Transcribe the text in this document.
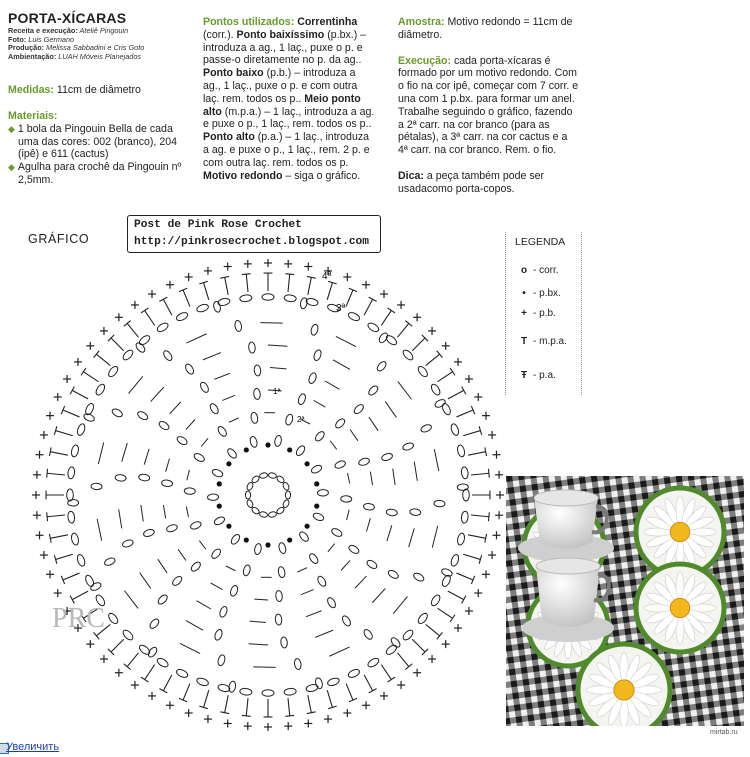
PORTA-XÍCARAS
Receita e execução: Ateliê Pingouin
Foto: Luis Germano
Produção: Melissa Sabbadini e Cris Goto
Ambientação: LUAH Móveis Planejados
Medidas: 11cm de diâmetro
Materiais:
◆ 1 bola da Pingouin Bella de cada uma das cores: 002 (branco), 204 (ipê) e 611 (cactus)
◆ Agulha para crochê da Pingouin nº 2,5mm.
Pontos utilizados: Correntinha (corr.). Ponto baixíssimo (p.bx.) – introduza a ag., 1 laç., puxe o p. e passe-o diretamente no p. da ag.. Ponto baixo (p.b.) – introduza a ag., 1 laç., puxe o p. e com outra laç. rem. todos os p.. Meio ponto alto (m.p.a.) – 1 laç., introduza a ag. e puxe o p., 1 laç., rem. todos os p.. Ponto alto (p.a.) – 1 laç., introduza a ag. e puxe o p., 1 laç., rem. 2 p. e com outra laç. rem. todos os p. Motivo redondo – siga o gráfico.
Amostra: Motivo redondo = 11cm de diâmetro.
Execução: cada porta-xícaras é formado por um motivo redondo. Com o fio na cor ipê, começar com 7 corr. e una com 1 p.bx. para formar um anel. Trabalhe seguindo o gráfico, fazendo a 2ª carr. na cor branco (para as pétalas), a 3ª carr. na cor cactus e a 4ª carr. na cor branco. Rem. o fio.
Dica: a peça também pode ser usadacomo porta-copos.
GRÁFICO
1ª
2ª
3ª
4ª
PRC
Post de Pink Rose Crochet
http://pinkrosecrochet.blogspot.com	LEGENDA
o - corr.
• - p.bx.
+ - p.b.
T - m.p.a.
Ŧ - p.a.
mirtab.ru
Увеличить
